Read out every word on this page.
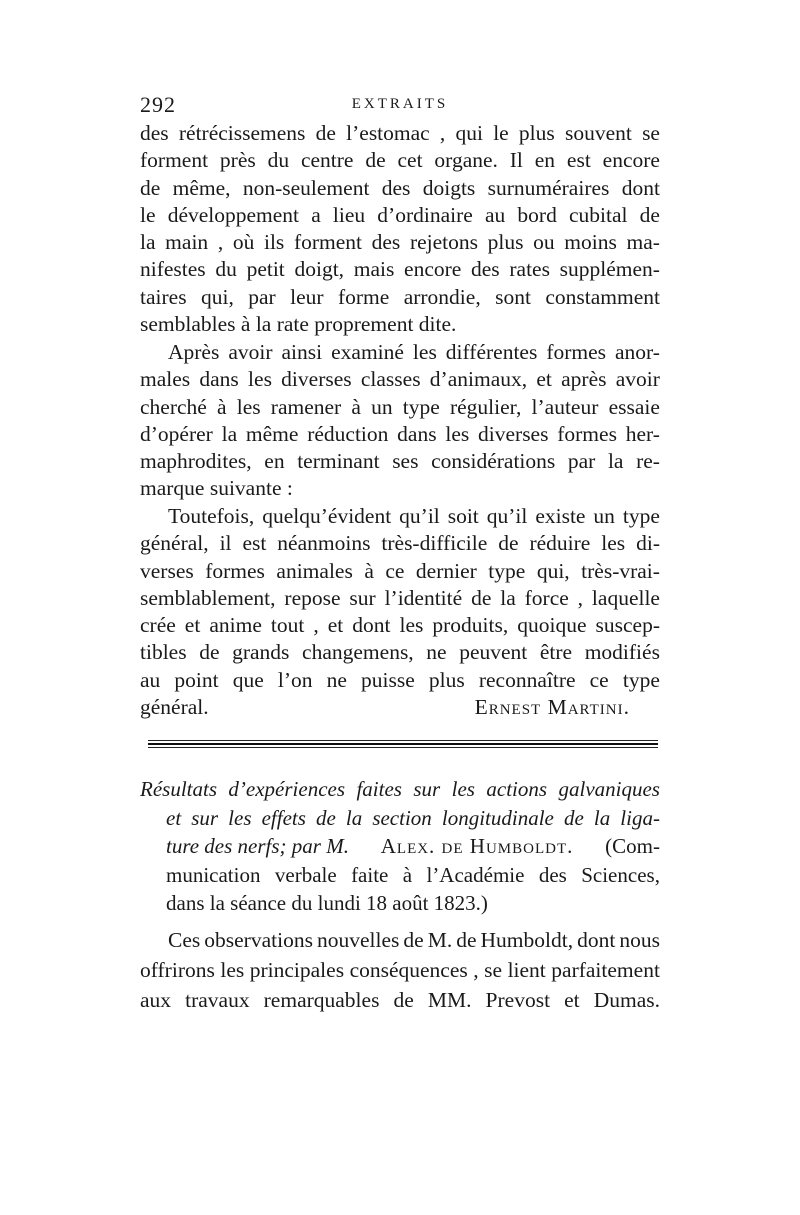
292	EXTRAITS
des rétrécissemens de l’estomac , qui le plus souvent se
forment près du centre de cet organe. Il en est encore
de même, non-seulement des doigts surnuméraires dont
le développement a lieu d’ordinaire au bord cubital de
la main , où ils forment des rejetons plus ou moins ma-
nifestes du petit doigt, mais encore des rates supplémen-
taires qui, par leur forme arrondie, sont constamment
semblables à la rate proprement dite.
Après avoir ainsi examiné les différentes formes anor-
males dans les diverses classes d’animaux, et après avoir
cherché à les ramener à un type régulier, l’auteur essaie
d’opérer la même réduction dans les diverses formes her-
maphrodites, en terminant ses considérations par la re-
marque suivante :
Toutefois, quelqu’évident qu’il soit qu’il existe un type
général, il est néanmoins très-difficile de réduire les di-
verses formes animales à ce dernier type qui, très-vrai-
semblablement, repose sur l’identité de la force , laquelle
crée et anime tout , et dont les produits, quoique suscep-
tibles de grands changemens, ne peuvent être modifiés
au point que l’on ne puisse plus reconnaître ce type
général.	Ernest Martini.
Résultats d’expériences faites sur les actions galvaniques
et sur les effets de la section longitudinale de la liga-
ture des nerfs; par M. Alex. de Humboldt. (Com-
munication verbale faite à l’Académie des Sciences,
dans la séance du lundi 18 août 1823.)
Ces observations nouvelles de M. de Humboldt, dont nous
offrirons les principales conséquences , se lient parfaitement
aux travaux remarquables de MM. Prevost et Dumas.
